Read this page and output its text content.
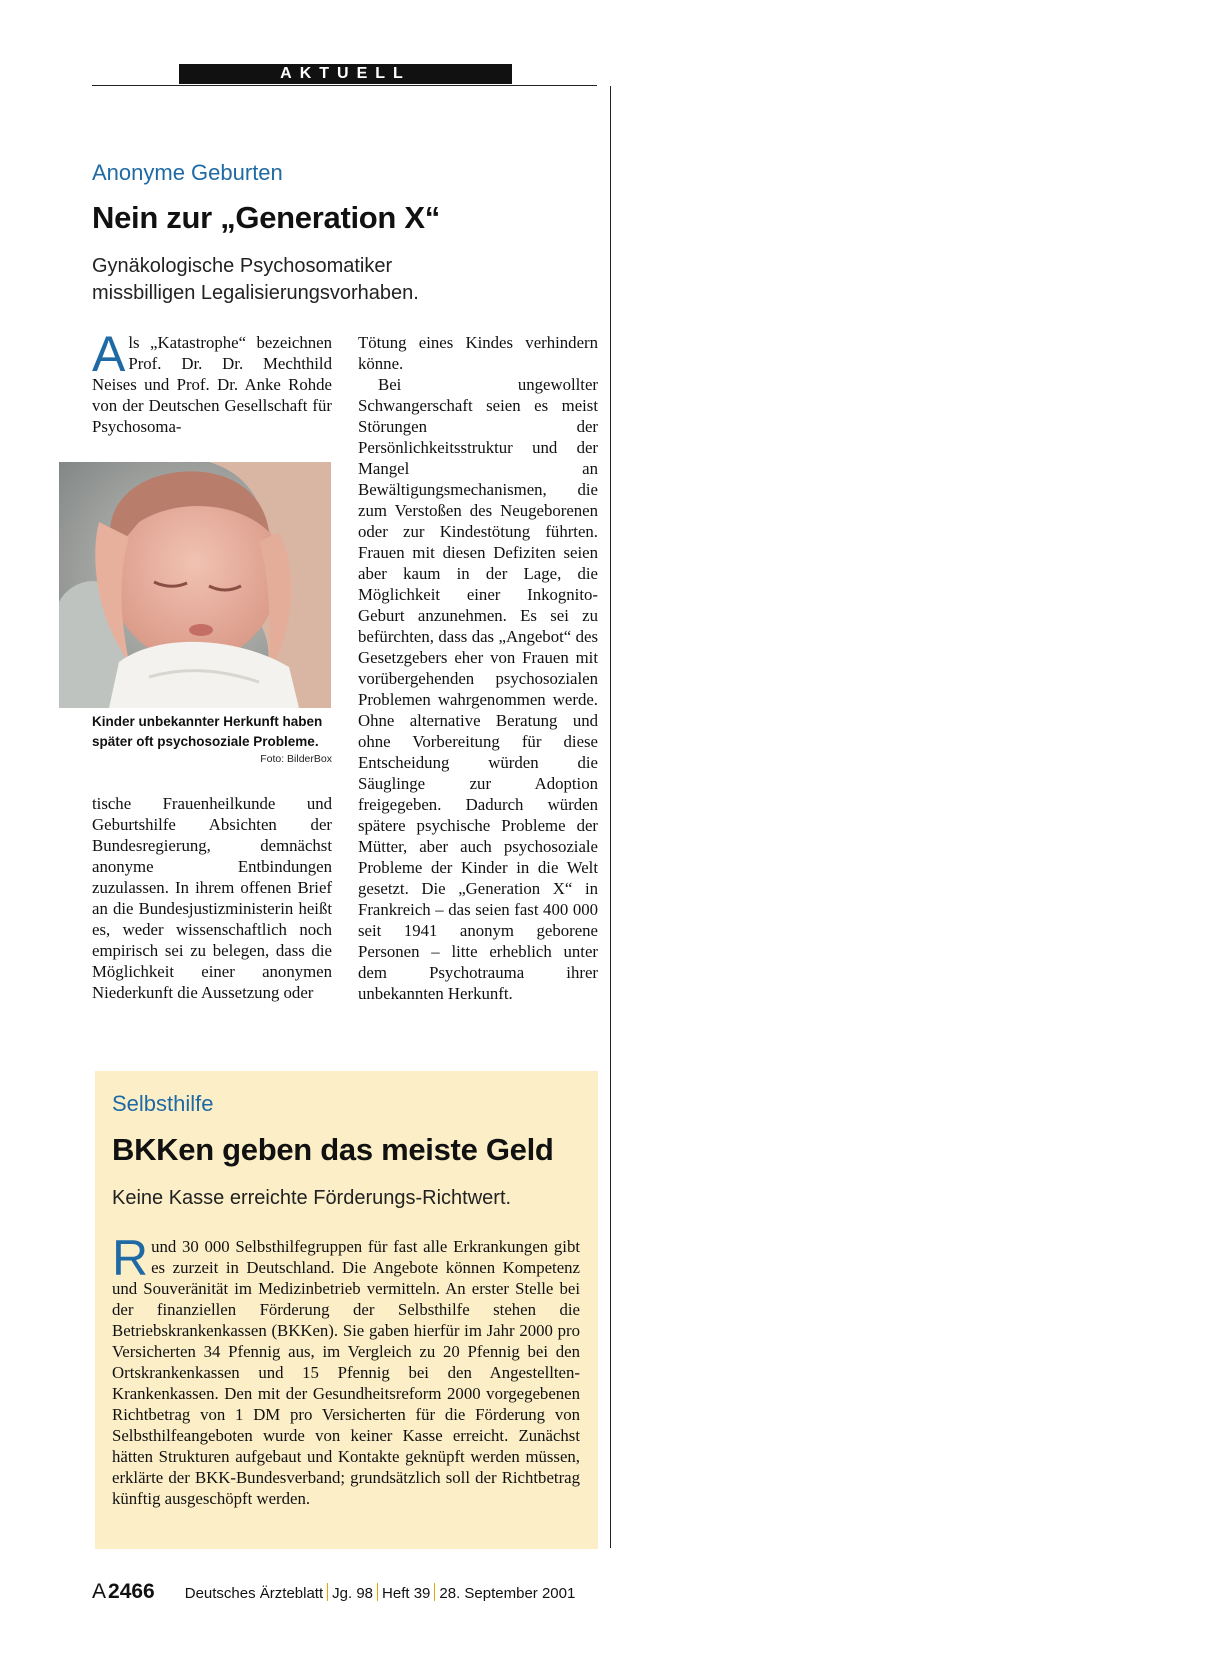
AKTUELL
Anonyme Geburten
Nein zur „Generation X“
Gynäkologische Psychosomatiker
missbilligen Legalisierungsvorhaben.
A ls „Katastrophe“ bezeichnen Prof. Dr. Dr. Mechthild Neises und Prof. Dr. Anke Rohde von der Deutschen Gesellschaft für Psychosoma-
Kinder unbekannter Herkunft haben später oft psychosoziale Probleme.
Foto: BilderBox
tische Frauenheilkunde und Geburtshilfe Absichten der Bundesregierung, demnächst anonyme Entbindungen zuzulassen. In ihrem offenen Brief an die Bundesjustizministerin heißt es, weder wissenschaftlich noch empirisch sei zu belegen, dass die Möglichkeit einer anonymen Niederkunft die Aussetzung oder

Tötung eines Kindes verhindern könne.

Bei ungewollter Schwangerschaft seien es meist Störungen der Persönlichkeitsstruktur und der Mangel an Bewältigungsmechanismen, die zum Verstoßen des Neugeborenen oder zur Kindestötung führten. Frauen mit diesen Defiziten seien aber kaum in der Lage, die Möglichkeit einer Inkognito-Geburt anzunehmen. Es sei zu befürchten, dass das „Angebot“ des Gesetzgebers eher von Frauen mit vorübergehenden psychosozialen Problemen wahrgenommen werde. Ohne alternative Beratung und ohne Vorbereitung für diese Entscheidung würden die Säuglinge zur Adoption freigegeben. Dadurch würden spätere psychische Probleme der Mütter, aber auch psychosoziale Probleme der Kinder in die Welt gesetzt. Die „Generation X“ in Frankreich – das seien fast 400 000 seit 1941 anonym geborene Personen – litte erheblich unter dem Psychotrauma ihrer unbekannten Herkunft.

Selbsthilfe
BKKen geben das meiste Geld
Keine Kasse erreichte Förderungs-Richtwert.
R und 30 000 Selbsthilfegruppen für fast alle Erkrankungen gibt es zurzeit in Deutschland. Die Angebote können Kompetenz und Souveränität im Medizinbetrieb vermitteln. An erster Stelle bei der finanziellen Förderung der Selbsthilfe stehen die Betriebskrankenkassen (BKKen). Sie gaben hierfür im Jahr 2000 pro Versicherten 34 Pfennig aus, im Vergleich zu 20 Pfennig bei den Ortskrankenkassen und 15 Pfennig bei den Angestellten-Krankenkassen. Den mit der Gesundheitsreform 2000 vorgegebenen Richtbetrag von 1 DM pro Versicherten für die Förderung von Selbsthilfeangeboten wurde von keiner Kasse erreicht. Zunächst hätten Strukturen aufgebaut und Kontakte geknüpft werden müssen, erklärte der BKK-Bundesverband; grundsätzlich soll der Richtbetrag künftig ausgeschöpft werden.
A2466 Deutsches Ärzteblatt Jg. 98 Heft 39 28. September 2001
